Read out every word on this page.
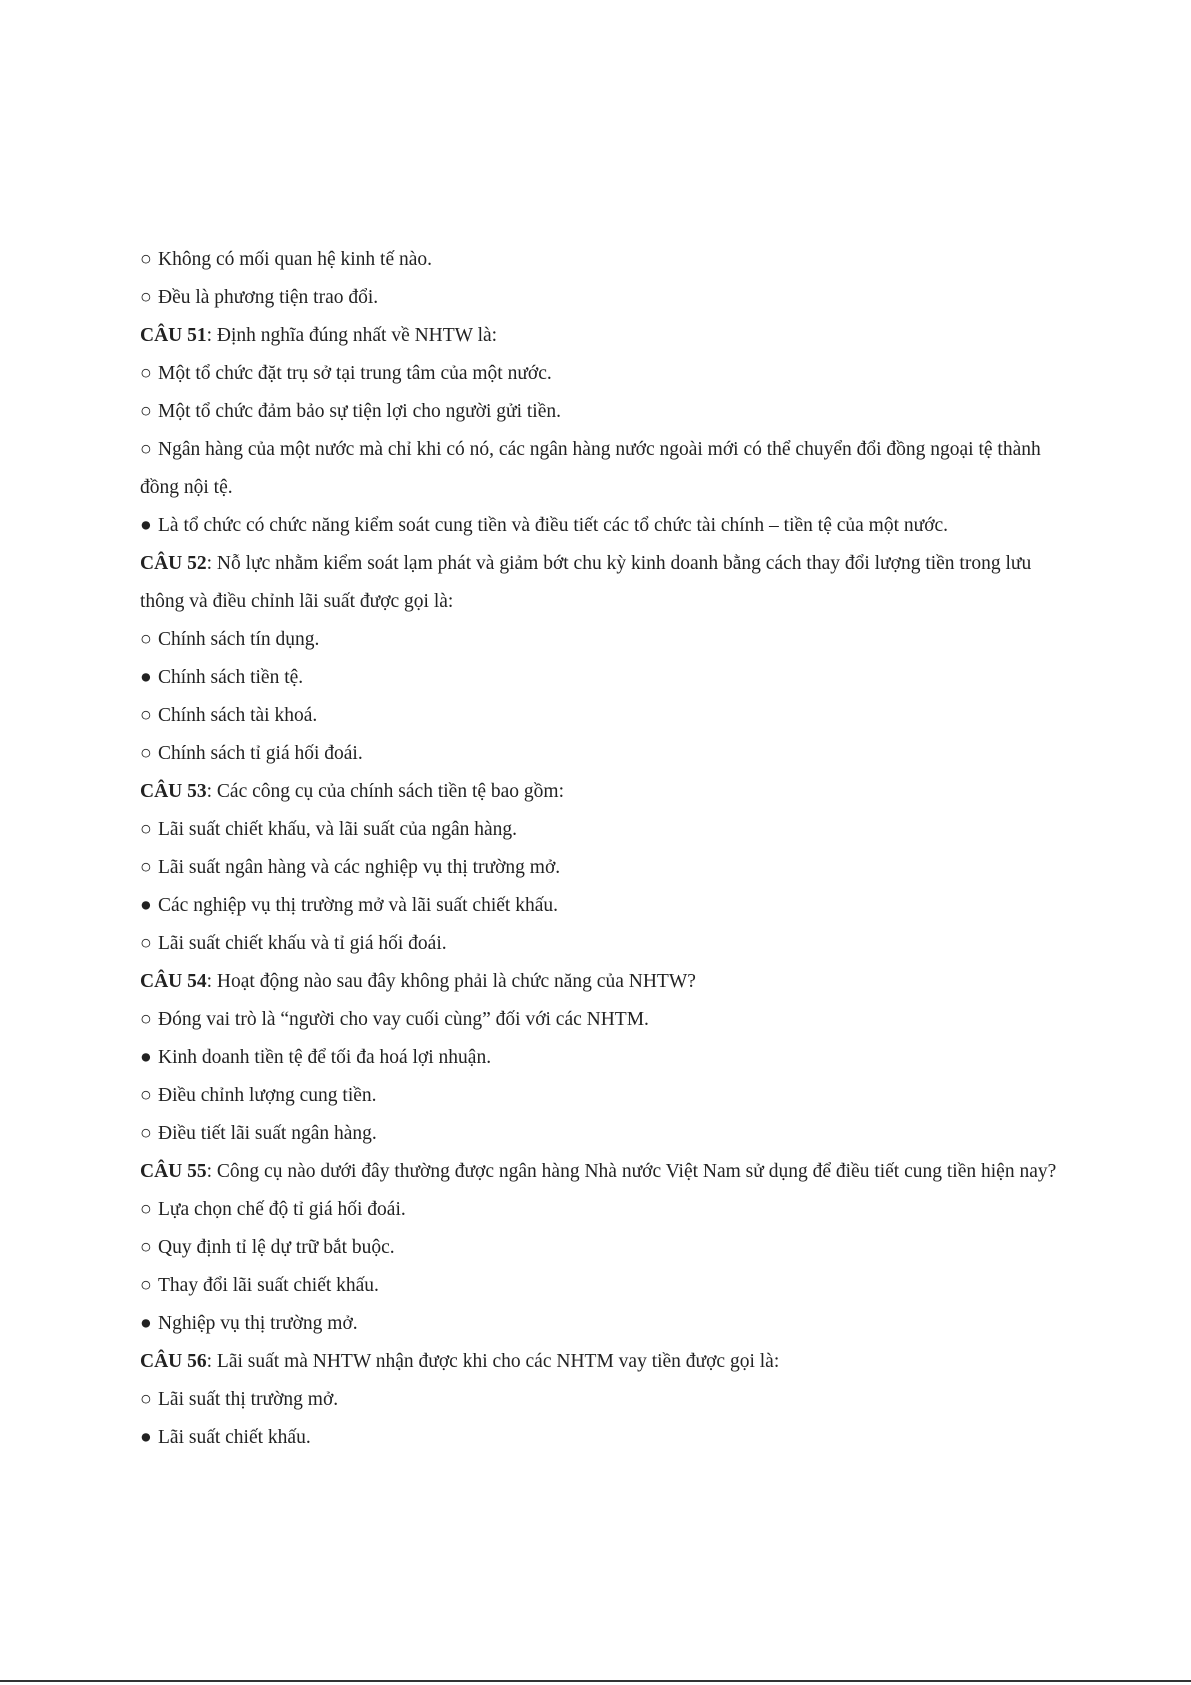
○ Không có mối quan hệ kinh tế nào.
○ Đều là phương tiện trao đổi.
CÂU 51: Định nghĩa đúng nhất về NHTW là:
○ Một tổ chức đặt trụ sở tại trung tâm của một nước.
○ Một tổ chức đảm bảo sự tiện lợi cho người gửi tiền.
○ Ngân hàng của một nước mà chỉ khi có nó, các ngân hàng nước ngoài mới có thể chuyển đổi đồng ngoại tệ thành đồng nội tệ.
● Là tổ chức có chức năng kiểm soát cung tiền và điều tiết các tổ chức tài chính – tiền tệ của một nước.
CÂU 52: Nỗ lực nhằm kiểm soát lạm phát và giảm bớt chu kỳ kinh doanh bằng cách thay đổi lượng tiền trong lưu thông và điều chỉnh lãi suất được gọi là:
○ Chính sách tín dụng.
● Chính sách tiền tệ.
○ Chính sách tài khoá.
○ Chính sách tỉ giá hối đoái.
CÂU 53: Các công cụ của chính sách tiền tệ bao gồm:
○ Lãi suất chiết khấu, và lãi suất của ngân hàng.
○ Lãi suất ngân hàng và các nghiệp vụ thị trường mở.
● Các nghiệp vụ thị trường mở và lãi suất chiết khấu.
○ Lãi suất chiết khấu và tỉ giá hối đoái.
CÂU 54: Hoạt động nào sau đây không phải là chức năng của NHTW?
○ Đóng vai trò là “người cho vay cuối cùng” đối với các NHTM.
● Kinh doanh tiền tệ để tối đa hoá lợi nhuận.
○ Điều chỉnh lượng cung tiền.
○ Điều tiết lãi suất ngân hàng.
CÂU 55: Công cụ nào dưới đây thường được ngân hàng Nhà nước Việt Nam sử dụng để điều tiết cung tiền hiện nay?
○ Lựa chọn chế độ tỉ giá hối đoái.
○ Quy định tỉ lệ dự trữ bắt buộc.
○ Thay đổi lãi suất chiết khấu.
● Nghiệp vụ thị trường mở.
CÂU 56: Lãi suất mà NHTW nhận được khi cho các NHTM vay tiền được gọi là:
○ Lãi suất thị trường mở.
● Lãi suất chiết khấu.
